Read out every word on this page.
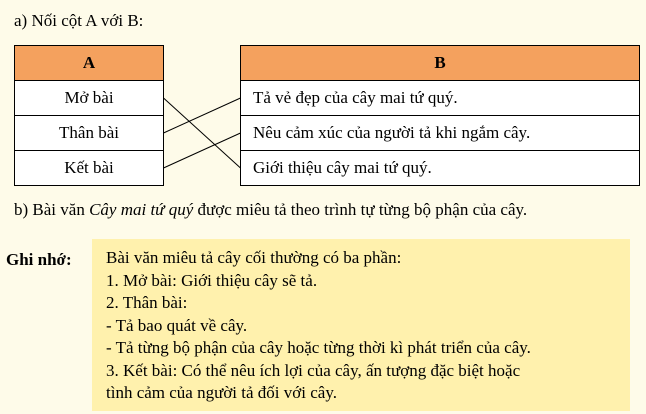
a) Nối cột A với B:
A
Mở bài
Thân bài
Kết bài
B
Tả vẻ đẹp của cây mai tứ quý.
Nêu cảm xúc của người tả khi ngắm cây.
Giới thiệu cây mai tứ quý.
b) Bài văn Cây mai tứ quý được miêu tả theo trình tự từng bộ phận của cây.
Ghi nhớ: Bài văn miêu tả cây cối thường có ba phần:
1. Mở bài: Giới thiệu cây sẽ tả.
2. Thân bài:
- Tả bao quát về cây.
- Tả từng bộ phận của cây hoặc từng thời kì phát triển của cây.
3. Kết bài: Có thể nêu ích lợi của cây, ấn tượng đặc biệt hoặc
tình cảm của người tả đối với cây.
